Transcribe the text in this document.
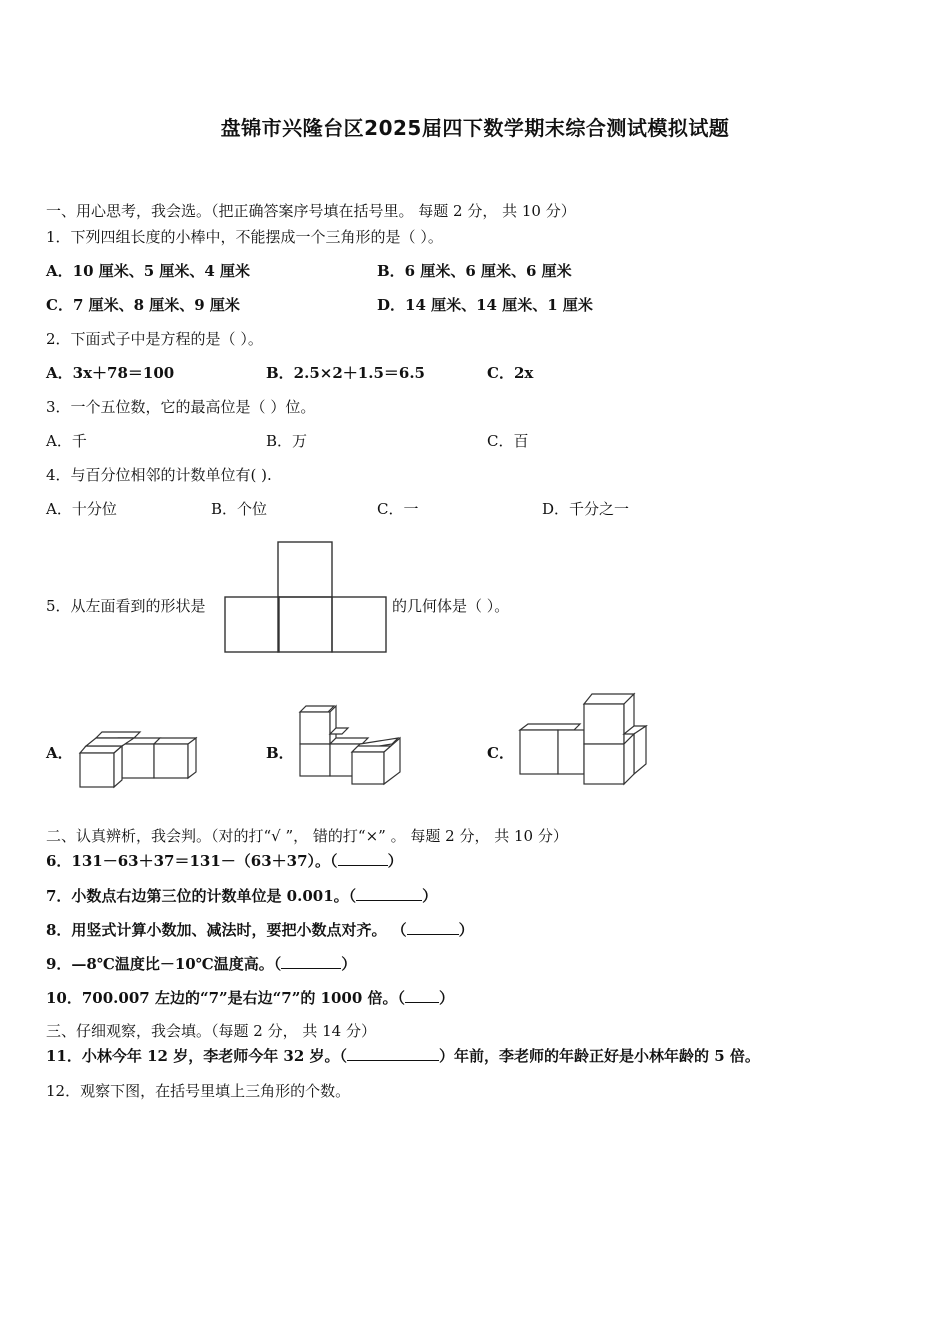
盘锦市兴隆台区2025届四下数学期末综合测试模拟试题
一、用心思考，我会选。（把正确答案序号填在括号里。 每题 2 分， 共 10 分）
1．下列四组长度的小棒中，不能摆成一个三角形的是（ ）。
A．10 厘米、5 厘米、4 厘米	B．6 厘米、6 厘米、6 厘米
C．7 厘米、8 厘米、9 厘米	D．14 厘米、14 厘米、1 厘米
2．下面式子中是方程的是（ ）。
A．3x＋78＝100	B．2.5×2＋1.5＝6.5	C．2x
3．一个五位数，它的最高位是（ ）位。
A．千	B．万	C．百
4．与百分位相邻的计数单位有( ).
A．十分位	B．个位	C．一	D．千分之一
5．从左面看到的形状是	的几何体是（ ）。
A．	B．	C．
二、认真辨析，我会判。（对的打“√ ”， 错的打“×” 。 每题 2 分， 共 10 分）
6．131－63＋37＝131－（63＋37）。（	）
7．小数点右边第三位的计数单位是 0.001。（	）
8．用竖式计算小数加、减法时，要把小数点对齐。 （	）
9．—8℃温度比－10℃温度高。（	）
10．700.007 左边的“7”是右边“7”的 1000 倍。（ ）
三、仔细观察，我会填。（每题 2 分， 共 14 分）
11．小林今年 12 岁，李老师今年 32 岁。（	）年前，李老师的年龄正好是小林年龄的 5 倍。
12．观察下图，在括号里填上三角形的个数。
